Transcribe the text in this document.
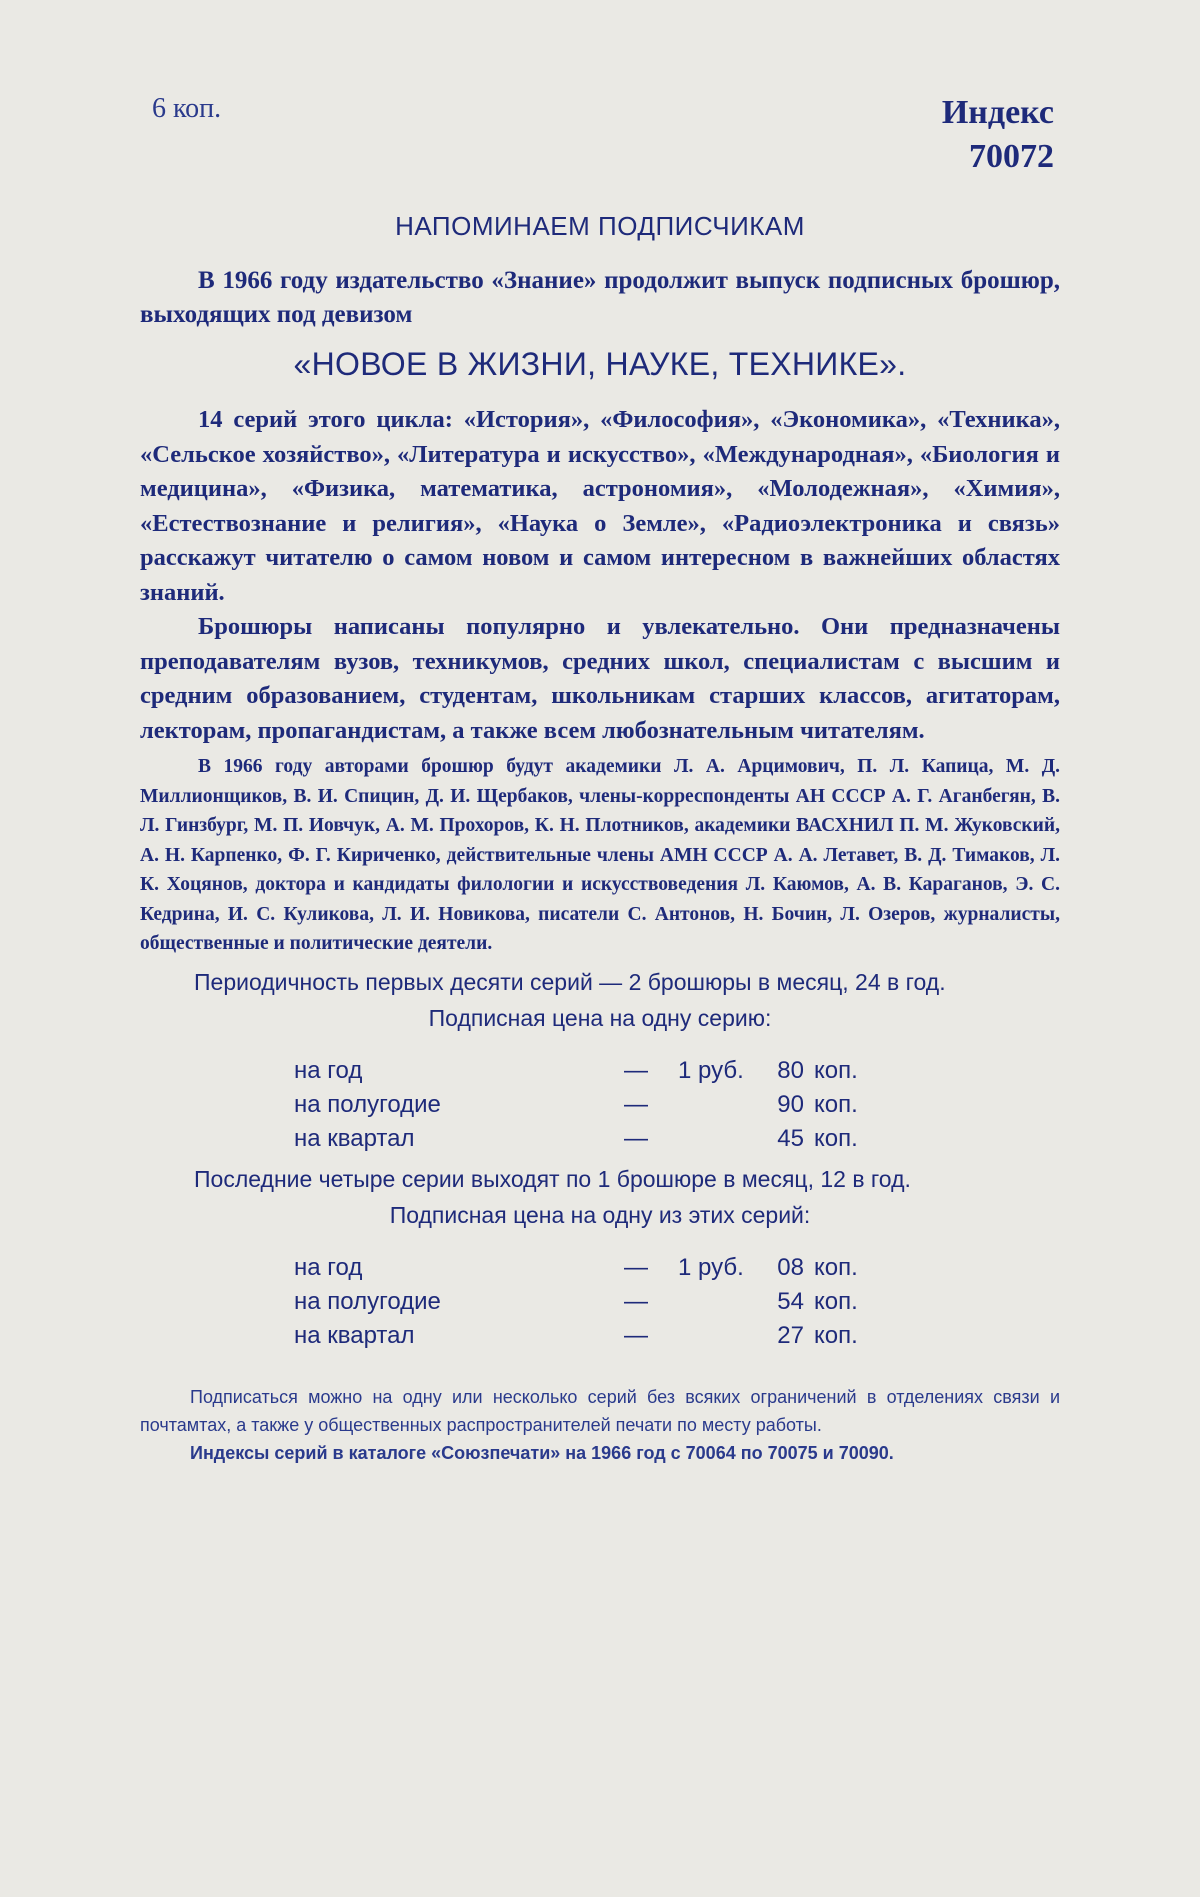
6 коп.	Индекс
70072
НАПОМИНАЕМ ПОДПИСЧИКАМ
В 1966 году издательство «Знание» продолжит выпуск подписных брошюр, выходящих под девизом
«НОВОЕ В ЖИЗНИ, НАУКЕ, ТЕХНИКЕ».

14 серий этого цикла: «История», «Философия», «Экономика», «Техника», «Сельское хозяйство», «Литература и искусство», «Международная», «Биология и медицина», «Физика, математика, астрономия», «Молодежная», «Химия», «Естествознание и религия», «Наука о Земле», «Радиоэлектроника и связь» расскажут читателю о самом новом и самом интересном в важнейших областях знаний.

Брошюры написаны популярно и увлекательно. Они предназначены преподавателям вузов, техникумов, средних школ, специалистам с высшим и средним образованием, студентам, школьникам старших классов, агитаторам, лекторам, пропагандистам, а также всем любознательным читателям.

В 1966 году авторами брошюр будут академики Л. А. Арцимович, П. Л. Капица, М. Д. Миллионщиков, В. И. Спицин, Д. И. Щербаков, члены-корреспонденты АН СССР А. Г. Аганбегян, В. Л. Гинзбург, М. П. Иовчук, А. М. Прохоров, К. Н. Плотников, академики ВАСХНИЛ П. М. Жуковский, А. Н. Карпенко, Ф. Г. Кириченко, действительные члены АМН СССР А. А. Летавет, В. Д. Тимаков, Л. К. Хоцянов, доктора и кандидаты филологии и искусствоведения Л. Каюмов, А. В. Караганов, Э. С. Кедрина, И. С. Куликова, Л. И. Новикова, писатели С. Антонов, Н. Бочин, Л. Озеров, журналисты, общественные и политические деятели.

Периодичность первых десяти серий — 2 брошюры в месяц, 24 в год.

Подписная цена на одну серию:
на год	—	1 руб.	80	коп.
на полугодие	—		90	коп.
на квартал	—		45	коп.

Последние четыре серии выходят по 1 брошюре в месяц, 12 в год.

Подписная цена на одну из этих серий:
на год	—	1 руб.	08	коп.
на полугодие	—		54	коп.
на квартал	—		27	коп.

Подписаться можно на одну или несколько серий без всяких ограничений в отделениях связи и почтамтах, а также у общественных распространителей печати по месту работы.

Индексы серий в каталоге «Союзпечати» на 1966 год с 70064 по 70075 и 70090.
